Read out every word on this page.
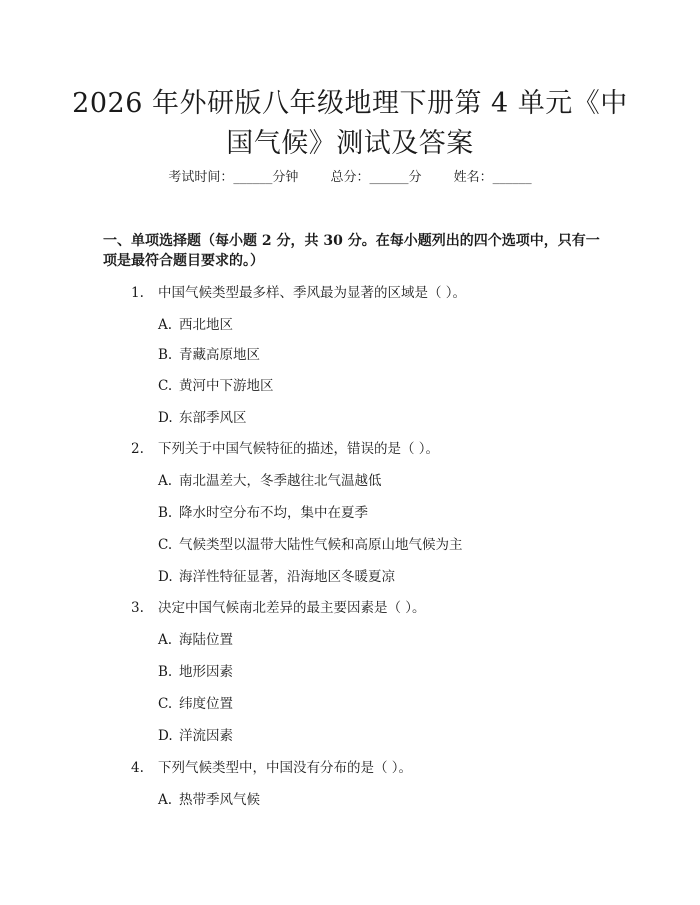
2026 年外研版八年级地理下册第 4 单元《中
国气候》测试及答案
考试时间：______分钟 总分：______分 姓名：______

一、单项选择题（每小题 2 分，共 30 分。在每小题列出的四个选项中，只有一项是最符合题目要求的。）

1. 中国气候类型最多样、季风最为显著的区域是（ ）。
A. 西北地区
B. 青藏高原地区
C. 黄河中下游地区
D. 东部季风区
2. 下列关于中国气候特征的描述，错误的是（ ）。
A. 南北温差大，冬季越往北气温越低
B. 降水时空分布不均，集中在夏季
C. 气候类型以温带大陆性气候和高原山地气候为主
D. 海洋性特征显著，沿海地区冬暖夏凉
3. 决定中国气候南北差异的最主要因素是（ ）。
A. 海陆位置
B. 地形因素
C. 纬度位置
D. 洋流因素
4. 下列气候类型中，中国没有分布的是（ ）。
A. 热带季风气候
